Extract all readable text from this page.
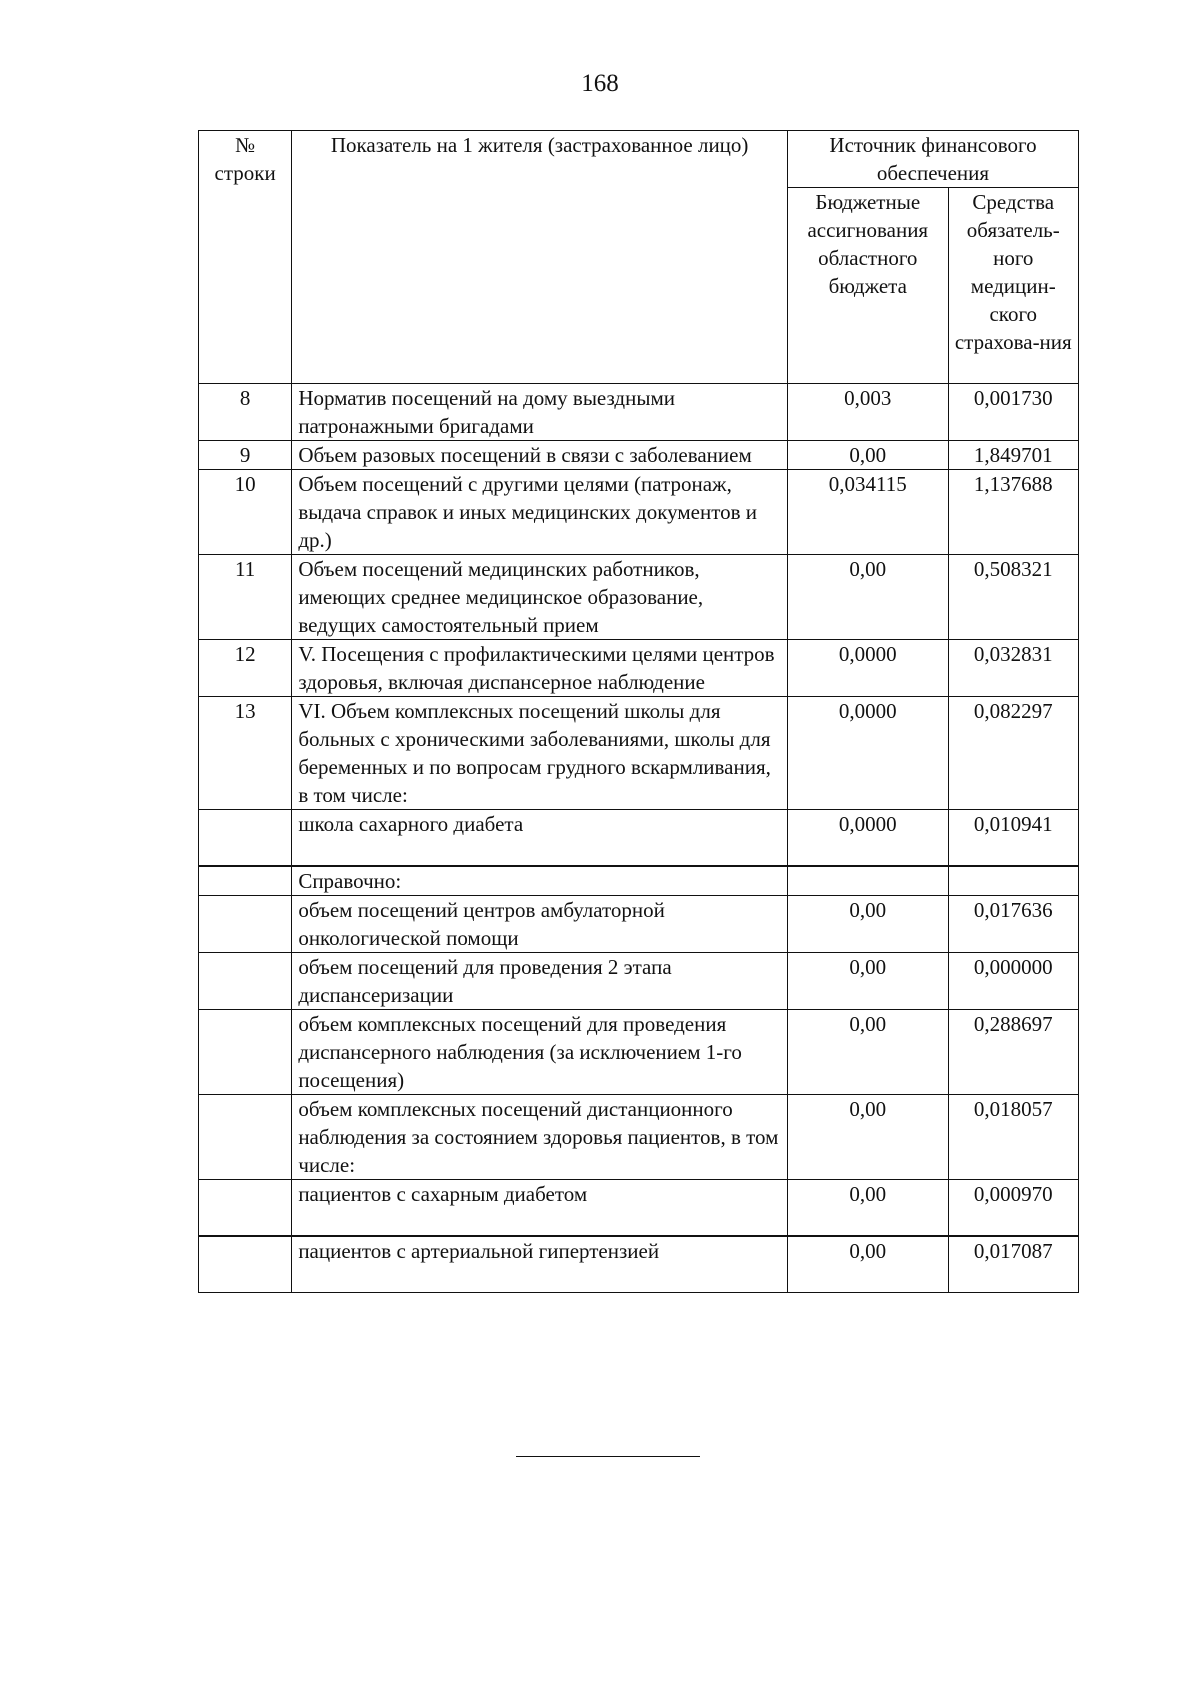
168
№ строки	Показатель на 1 жителя (застрахованное лицо)	Источник финансового обеспечения	
		Бюджетные ассигнования областного бюджета	Средства обязатель-ного медицин-ского страхова-ния
8	Норматив посещений на дому выездными патронажными бригадами	0,003	0,001730
9	Объем разовых посещений в связи с заболеванием	0,00	1,849701
10	Объем посещений с другими целями (патронаж, выдача справок и иных медицинских документов и др.)	0,034115	1,137688
11	Объем посещений медицинских работников, имеющих среднее медицинское образование, ведущих самостоятельный прием	0,00	0,508321
12	V. Посещения с профилактическими целями центров здоровья, включая диспансерное наблюдение	0,0000	0,032831
13	VI. Объем комплексных посещений школы для больных с хроническими заболеваниями, школы для беременных и по вопросам грудного вскармливания, в том числе:	0,0000	0,082297
	школа сахарного диабета	0,0000	0,010941

	Справочно:		
	объем посещений центров амбулаторной онкологической помощи	0,00	0,017636
	объем посещений для проведения 2 этапа диспансеризации	0,00	0,000000
	объем комплексных посещений для проведения диспансерного наблюдения (за исключением 1-го посещения)	0,00	0,288697
	объем комплексных посещений дистанционного наблюдения за состоянием здоровья пациентов, в том числе:	0,00	0,018057
	пациентов с сахарным диабетом	0,00	0,000970

	пациентов с артериальной гипертензией	0,00	0,017087
